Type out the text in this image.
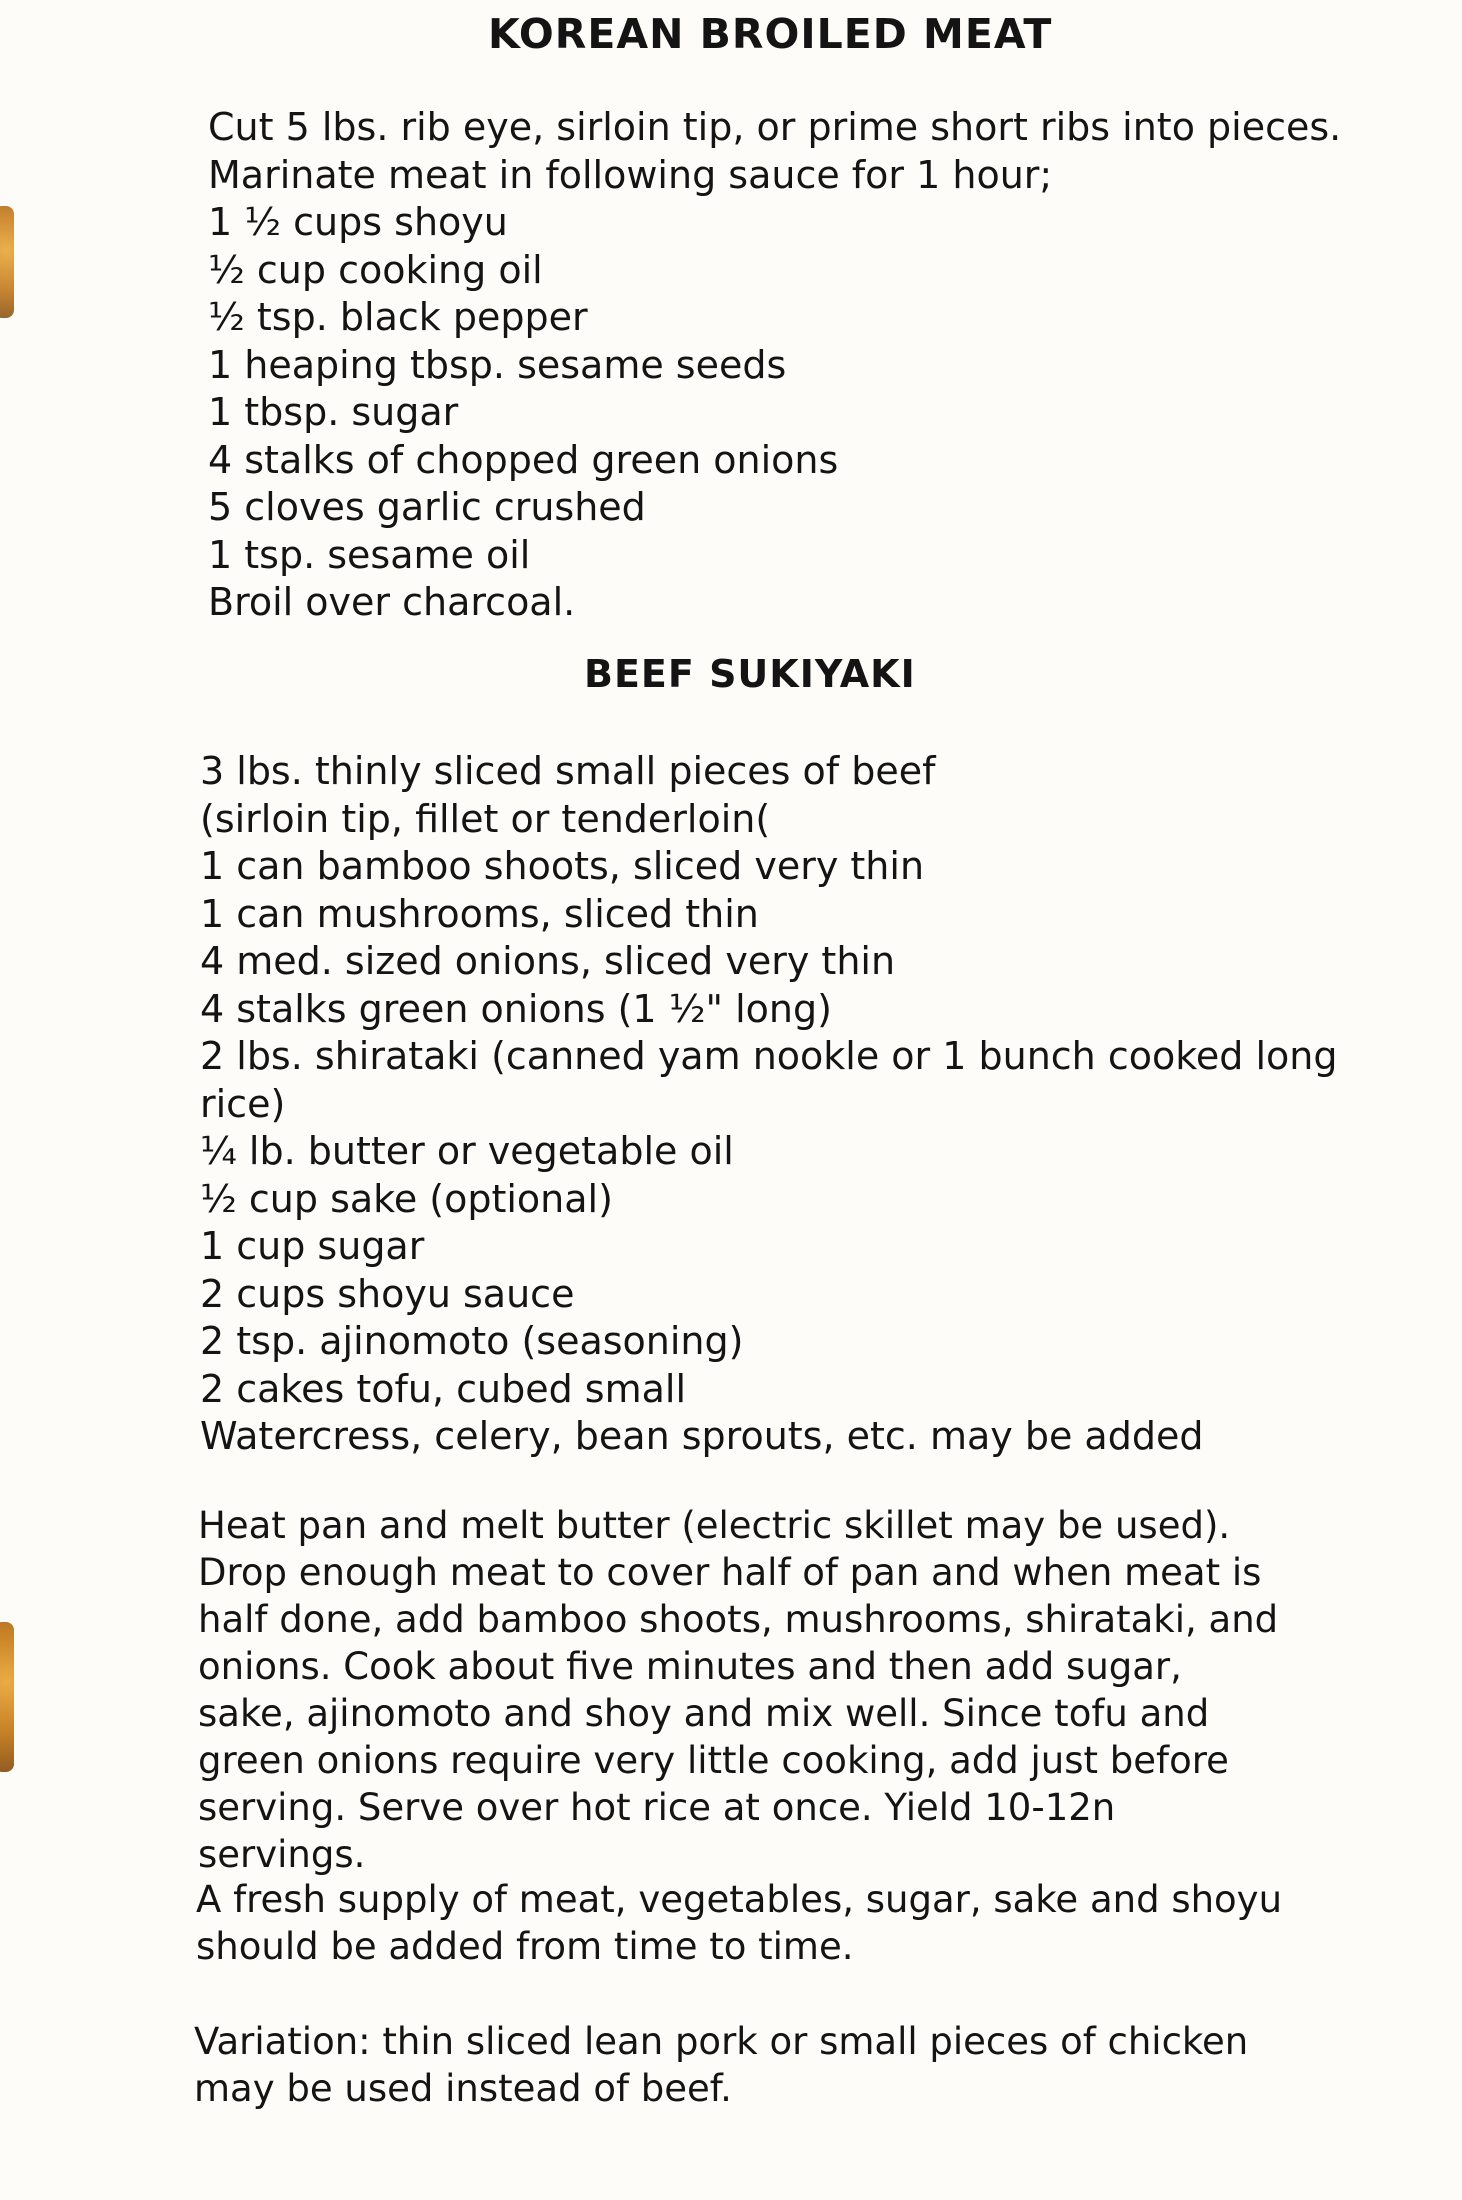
KOREAN BROILED MEAT
Cut 5 lbs. rib eye, sirloin tip, or prime short ribs into pieces.
Marinate meat in following sauce for 1 hour;
1 ½ cups shoyu
½ cup cooking oil
½ tsp. black pepper
1 heaping tbsp. sesame seeds
1 tbsp. sugar
4 stalks of chopped green onions
5 cloves garlic crushed
1 tsp. sesame oil
Broil over charcoal.
BEEF SUKIYAKI
3 lbs. thinly sliced small pieces of beef
(sirloin tip, fillet or tenderloin(
1 can bamboo shoots, sliced very thin
1 can mushrooms, sliced thin
4 med. sized onions, sliced very thin
4 stalks green onions (1 ½" long)
2 lbs. shirataki (canned yam nookle or 1 bunch cooked long
rice)
¼ lb. butter or vegetable oil
½ cup sake (optional)
1 cup sugar
2 cups shoyu sauce
2 tsp. ajinomoto (seasoning)
2 cakes tofu, cubed small
Watercress, celery, bean sprouts, etc. may be added

Heat pan and melt butter (electric skillet may be used). Drop enough meat to cover half of pan and when meat is half done, add bamboo shoots, mushrooms, shirataki, and onions. Cook about five minutes and then add sugar, sake, ajinomoto and shoy and mix well. Since tofu and green onions require very little cooking, add just before serving. Serve over hot rice at once. Yield 10-12n servings.

A fresh supply of meat, vegetables, sugar, sake and shoyu should be added from time to time.

Variation: thin sliced lean pork or small pieces of chicken may be used instead of beef.
